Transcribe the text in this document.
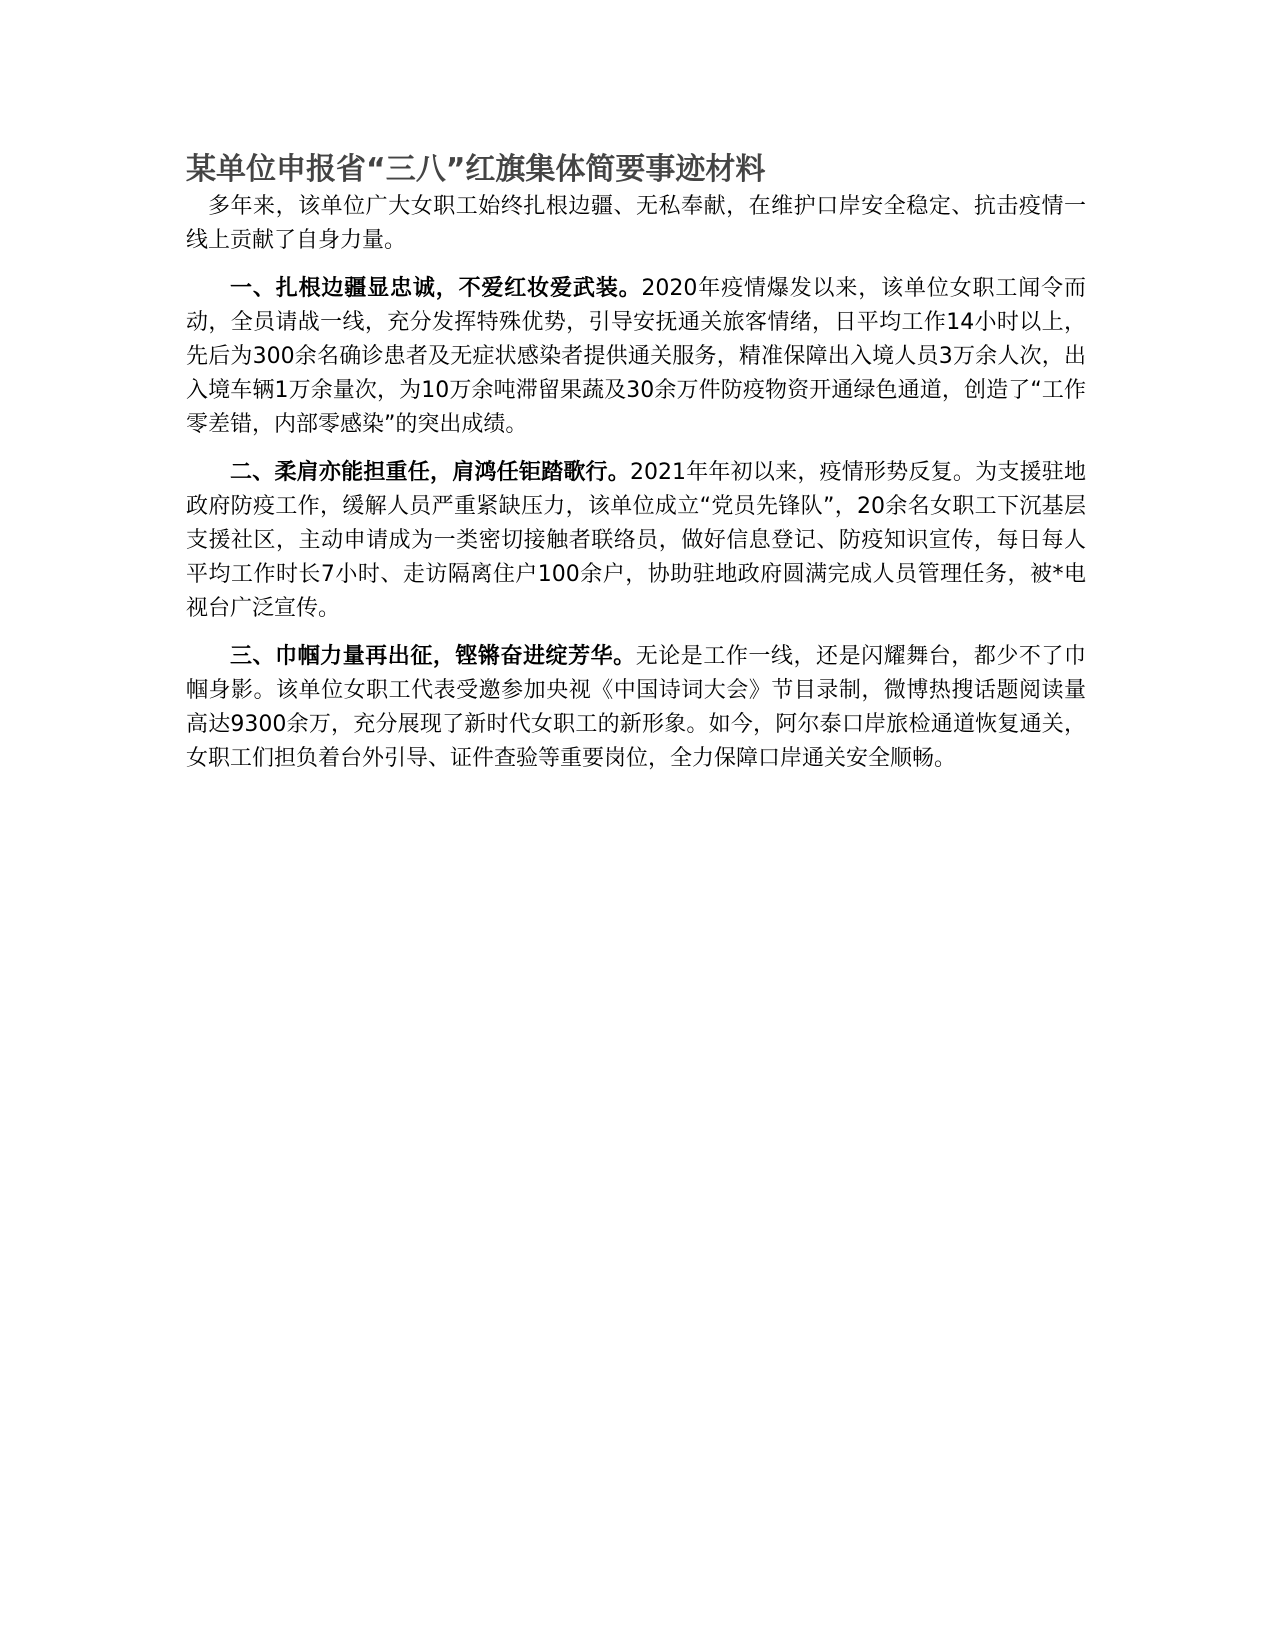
某单位申报省“三八”红旗集体简要事迹材料

多年来，该单位广大女职工始终扎根边疆、无私奉献，在维护口岸安全稳定、抗击疫情一线上贡献了自身力量。

一、扎根边疆显忠诚，不爱红妆爱武装。2020年疫情爆发以来，该单位女职工闻令而动，全员请战一线，充分发挥特殊优势，引导安抚通关旅客情绪，日平均工作14小时以上，先后为300余名确诊患者及无症状感染者提供通关服务，精准保障出入境人员3万余人次，出入境车辆1万余量次，为10万余吨滞留果蔬及30余万件防疫物资开通绿色通道，创造了“工作零差错，内部零感染”的突出成绩。

二、柔肩亦能担重任，肩鸿任钜踏歌行。2021年年初以来，疫情形势反复。为支援驻地政府防疫工作，缓解人员严重紧缺压力，该单位成立“党员先锋队”，20余名女职工下沉基层支援社区，主动申请成为一类密切接触者联络员，做好信息登记、防疫知识宣传，每日每人平均工作时长7小时、走访隔离住户100余户，协助驻地政府圆满完成人员管理任务，被*电视台广泛宣传。

三、巾帼力量再出征，铿锵奋进绽芳华。无论是工作一线，还是闪耀舞台，都少不了巾帼身影。该单位女职工代表受邀参加央视《中国诗词大会》节目录制，微博热搜话题阅读量高达9300余万，充分展现了新时代女职工的新形象。如今，阿尔泰口岸旅检通道恢复通关，女职工们担负着台外引导、证件查验等重要岗位，全力保障口岸通关安全顺畅。
